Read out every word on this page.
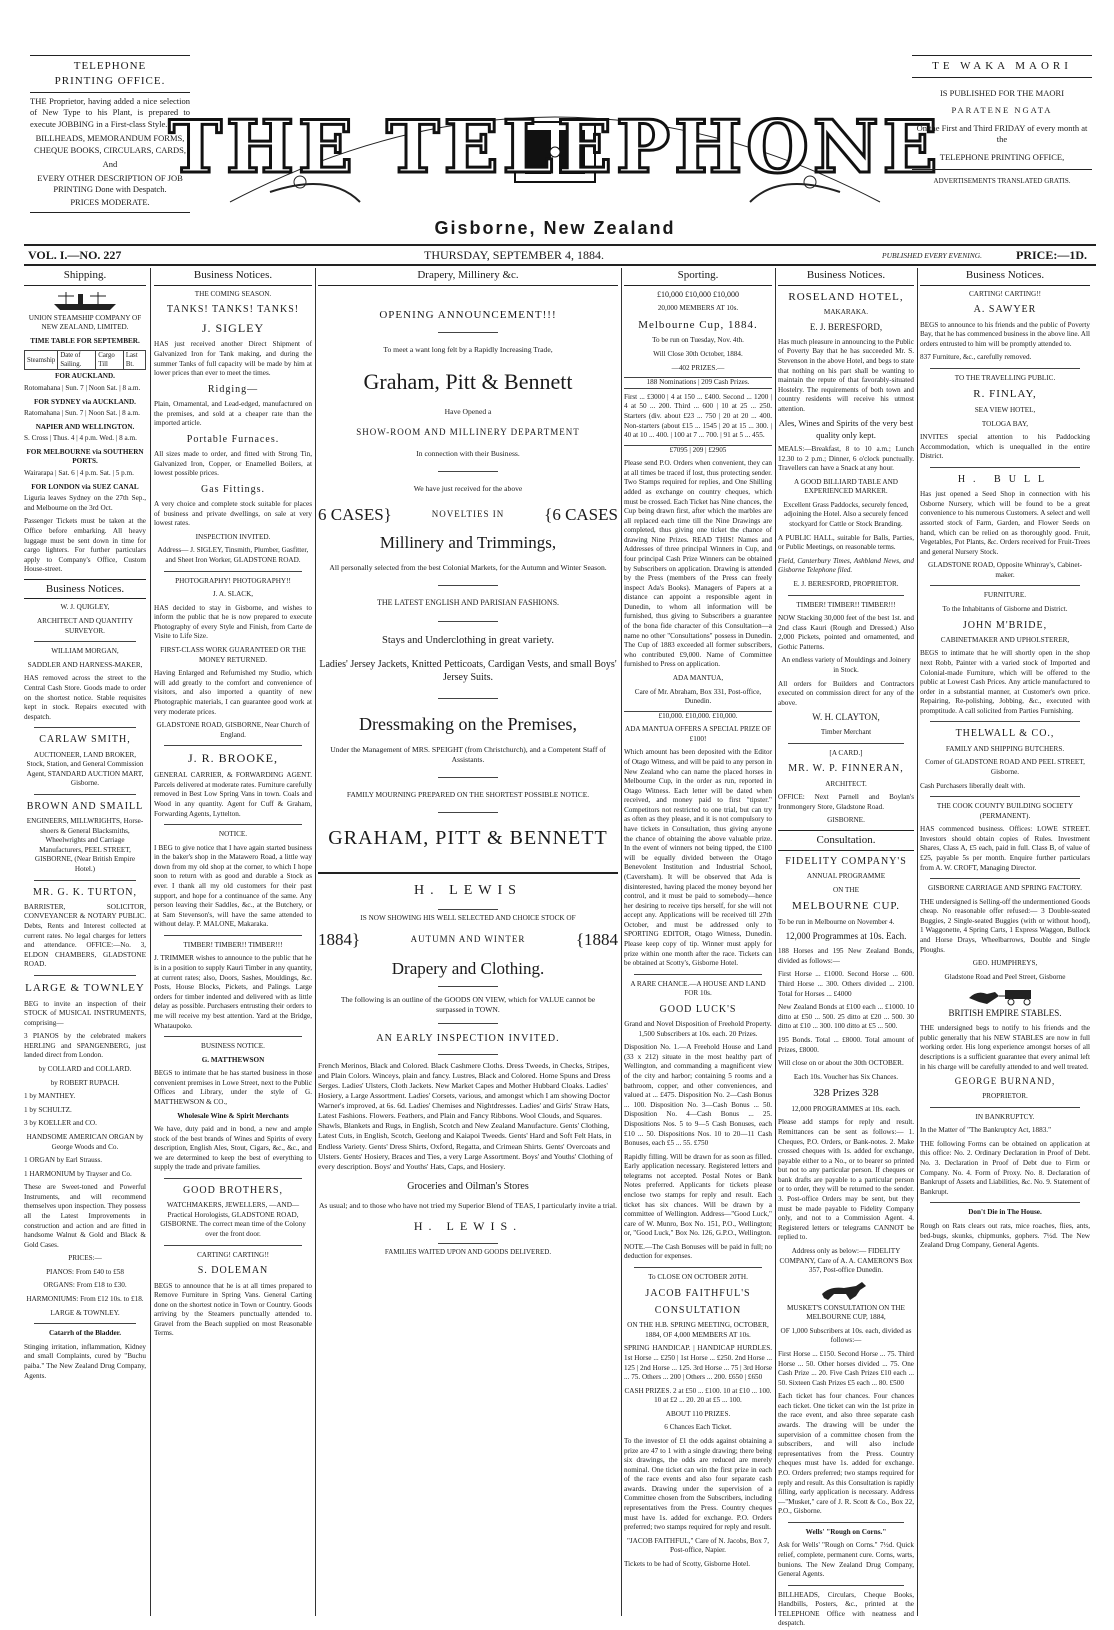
TELEPHONE

PRINTING OFFICE.

THE Proprietor, having added a nice selection of New Type to his Plant, is prepared to execute JOBBING in a First-class Style.

BILLHEADS, MEMORANDUM FORMS, CHEQUE BOOKS, CIRCULARS, CARDS,

And

EVERY OTHER DESCRIPTION OF JOB PRINTING Done with Despatch.

PRICES MODERATE.

THE TELEPHONE
Gisborne, New Zealand

TE WAKA MAORI

IS PUBLISHED FOR THE MAORI

PARATENE NGATA

On the First and Third FRIDAY of every month at the

TELEPHONE PRINTING OFFICE,

ADVERTISEMENTS TRANSLATED GRATIS.

VOL. I.—NO. 227	THURSDAY, SEPTEMBER 4, 1884.	PUBLISHED EVERY EVENING.	PRICE:—1D.
Shipping.

UNION STEAMSHIP COMPANY OF NEW ZEALAND, LIMITED.

TIME TABLE FOR SEPTEMBER.

Steamship	Date of Sailing.	Cargo Till	Last Bt.

FOR AUCKLAND.

Rotomahana | Sun. 7 | Noon Sat. | 8 a.m.

FOR SYDNEY via AUCKLAND.

Ratomahana | Sun. 7 | Noon Sat. | 8 a.m.

NAPIER AND WELLINGTON.

S. Cross | Thus. 4 | 4 p.m. Wed. | 8 a.m.

FOR MELBOURNE via SOUTHERN PORTS.

Wairarapa | Sat. 6 | 4 p.m. Sat. | 5 p.m.

FOR LONDON via SUEZ CANAL

Liguria leaves Sydney on the 27th Sep., and Melbourne on the 3rd Oct.

Passenger Tickets must be taken at the Office before embarking. All heavy luggage must be sent down in time for cargo lighters. For further particulars apply to Company's Office, Custom House-street.

Business Notices.

W. J. QUIGLEY,

ARCHITECT AND QUANTITY SURVEYOR.

WILLIAM MORGAN,

SADDLER AND HARNESS-MAKER,

HAS removed across the street to the Central Cash Store. Goods made to order on the shortest notice. Stable requisites kept in stock. Repairs executed with despatch.

CARLAW SMITH,

AUCTIONEER, LAND BROKER, Stock, Station, and General Commission Agent, STANDARD AUCTION MART, Gisborne.

BROWN AND SMAILL

ENGINEERS, MILLWRIGHTS, Horse-shoers & General Blacksmiths, Wheelwrights and Carriage Manufacturers, PEEL STREET, GISBORNE, (Near British Empire Hotel.)

MR. G. K. TURTON,

BARRISTER, SOLICITOR, CONVEYANCER & NOTARY PUBLIC. Debts, Rents and Interest collected at current rates. No legal charges for letters and attendance. OFFICE:—No. 3, ELDON CHAMBERS, GLADSTONE ROAD.

LARGE & TOWNLEY

BEG to invite an inspection of their STOCK of MUSICAL INSTRUMENTS, comprising—

3 PIANOS by the celebrated makers HERLING and SPANGENBERG, just landed direct from London.

by COLLARD and COLLARD.

by ROBERT RUPACH.

1 by MANTHEY.

1 by SCHULTZ.

3 by KOELLER and CO.

HANDSOME AMERICAN ORGAN by George Woods and Co.

1 ORGAN by Earl Strauss.

1 HARMONIUM by Trayser and Co.

These are Sweet-toned and Powerful Instruments, and will recommend themselves upon inspection. They possess all the Latest Improvements in construction and action and are fitted in handsome Walnut & Gold and Black & Gold Cases.

PRICES:—

PIANOS: From £40 to £58

ORGANS: From £18 to £30.

HARMONIUMS: From £12 10s. to £18.

LARGE & TOWNLEY.

Catarrh of the Bladder.

Stinging irritation, inflammation, Kidney and small Complaints, cured by "Buchu paiba." The New Zealand Drug Company, Agents.

Business Notices.

THE COMING SEASON.

TANKS! TANKS! TANKS!

J. SIGLEY

HAS just received another Direct Shipment of Galvanized Iron for Tank making, and during the summer Tanks of full capacity will be made by him at lower prices than ever to meet the times.

Ridging—

Plain, Ornamental, and Lead-edged, manufactured on the premises, and sold at a cheaper rate than the imported article.

Portable Furnaces.

All sizes made to order, and fitted with Strong Tin, Galvanized Iron, Copper, or Enamelled Boilers, at lowest possible prices.

Gas Fittings.

A very choice and complete stock suitable for places of business and private dwellings, on sale at very lowest rates.

INSPECTION INVITED.

Address— J. SIGLEY, Tinsmith, Plumber, Gasfitter, and Sheet Iron Worker, GLADSTONE ROAD.

PHOTOGRAPHY! PHOTOGRAPHY!!

J. A. SLACK,

HAS decided to stay in Gisborne, and wishes to inform the public that he is now prepared to execute Photography of every Style and Finish, from Carte de Visite to Life Size.

FIRST-CLASS WORK GUARANTEED OR THE MONEY RETURNED.

Having Enlarged and Refurnished my Studio, which will add greatly to the comfort and convenience of visitors, and also imported a quantity of new Photographic materials, I can guarantee good work at very moderate prices.

GLADSTONE ROAD, GISBORNE, Near Church of England.

J. R. BROOKE,

GENERAL CARRIER, & FORWARDING AGENT. Parcels delivered at moderate rates. Furniture carefully removed in Best Low Spring Vans in town. Coals and Wood in any quantity. Agent for Cuff & Graham, Forwarding Agents, Lyttelton.

NOTICE.

I BEG to give notice that I have again started business in the baker's shop in the Matawero Road, a little way down from my old shop at the corner, to which I hope soon to return with as good and durable a Stock as ever. I thank all my old customers for their past support, and hope for a continuance of the same. Any person leaving their Saddles, &c., at the Butchery, or at Sam Stevenson's, will have the same attended to without delay. P. MALONE, Makaraka.

TIMBER! TIMBER!! TIMBER!!!

J. TRIMMER wishes to announce to the public that he is in a position to supply Kauri Timber in any quantity, at current rates; also, Doors, Sashes, Mouldings, &c. Posts, House Blocks, Pickets, and Palings. Large orders for timber indented and delivered with as little delay as possible. Purchasers entrusting their orders to me will receive my best attention. Yard at the Bridge, Whataupoko.

BUSINESS NOTICE.

G. MATTHEWSON

BEGS to intimate that he has started business in those convenient premises in Lowe Street, next to the Public Offices and Library, under the style of G. MATTHEWSON & CO.,

Wholesale Wine & Spirit Merchants

We have, duty paid and in bond, a new and ample stock of the best brands of Wines and Spirits of every description, English Ales, Stout, Cigars, &c., &c., and we are determined to keep the best of everything to supply the trade and private families.

GOOD BROTHERS,

WATCHMAKERS, JEWELLERS, —AND— Practical Horologists, GLADSTONE ROAD, GISBORNE. The correct mean time of the Colony over the front door.

CARTING! CARTING!!

S. DOLEMAN

BEGS to announce that he is at all times prepared to Remove Furniture in Spring Vans. General Carting done on the shortest notice in Town or Country. Goods arriving by the Steamers punctually attended to. Gravel from the Beach supplied on most Reasonable Terms.

Drapery, Millinery &c.

OPENING ANNOUNCEMENT!!!

To meet a want long felt by a Rapidly Increasing Trade,

Graham, Pitt & Bennett

Have Opened a

SHOW-ROOM AND MILLINERY DEPARTMENT

In connection with their Business.

We have just received for the above

6 CASES}	NOVELTIES IN {6 CASES

Millinery and Trimmings,

All personally selected from the best Colonial Markets, for the Autumn and Winter Season.

THE LATEST ENGLISH AND PARISIAN FASHIONS.

Stays and Underclothing in great variety.

Ladies' Jersey Jackets, Knitted Petticoats, Cardigan Vests, and small Boys' Jersey Suits.

Dressmaking on the Premises,

Under the Management of MRS. SPEIGHT (from Christchurch), and a Competent Staff of Assistants.

FAMILY MOURNING PREPARED ON THE SHORTEST POSSIBLE NOTICE.

GRAHAM, PITT & BENNETT

H. LEWIS

IS NOW SHOWING HIS WELL SELECTED AND CHOICE STOCK OF

1884}	AUTUMN AND WINTER	{1884

Drapery and Clothing.

The following is an outline of the GOODS ON VIEW, which for VALUE cannot be surpassed in TOWN.

AN EARLY INSPECTION INVITED.

French Merinos, Black and Colored. Black Cashmere Cloths. Dress Tweeds, in Checks, Stripes, and Plain Colors. Winceys, plain and fancy. Lustres, Black and Colored. Home Spuns and Dress Serges. Ladies' Ulsters, Cloth Jackets. New Market Capes and Mother Hubbard Cloaks. Ladies' Hosiery, a Large Assortment. Ladies' Corsets, various, and amongst which I am showing Doctor Warner's improved, at 6s. 6d. Ladies' Chemises and Nightdresses. Ladies' and Girls' Straw Hats, Latest Fashions. Flowers. Feathers, and Plain and Fancy Ribbons. Wool Clouds, and Squares. Shawls, Blankets and Rugs, in English, Scotch and New Zealand Manufacture. Gents' Clothing, Latest Cuts, in English, Scotch, Geelong and Kaiapoi Tweeds. Gents' Hard and Soft Felt Hats, in Endless Variety. Gents' Dress Shirts, Oxford, Regatta, and Crimean Shirts. Gents' Overcoats and Ulsters. Gents' Hosiery, Braces and Ties, a very Large Assortment. Boys' and Youths' Clothing of every description. Boys' and Youths' Hats, Caps, and Hosiery.

Groceries and Oilman's Stores

As usual; and to those who have not tried my Superior Blend of TEAS, I particularly invite a trial.

H. LEWIS.

FAMILIES WAITED UPON AND GOODS DELIVERED.

Sporting.

£10,000 £10,000 £10,000

20,000 MEMBERS AT 10s.

Melbourne Cup, 1884.

To be run on Tuesday, Nov. 4th.

Will Close 30th October, 1884.

—402 PRIZES.—

188 Nominations | 209 Cash Prizes.

First ... £3000 | 4 at 150 ... £400. Second ... 1200 | 4 at 50 ... 200. Third ... 600 | 10 at 25 ... 250. Starters (div. about £23 ... 750 | 20 at 20 ... 400. Non-starters (about £15 ... 1545 | 20 at 15 ... 300. | 40 at 10 ... 400. | 100 at 7 ... 700. | 91 at 5 ... 455.

£7095 | 209 | £2905

Please send P.O. Orders when convenient, they can at all times be traced if lost, thus protecting sender. Two Stamps required for replies, and One Shilling added as exchange on country cheques, which must be crossed. Each Ticket has Nine chances, the Cup being drawn first, after which the marbles are all replaced each time till the Nine Drawings are completed, thus giving one ticket the chance of drawing Nine Prizes. READ THIS! Names and Addresses of three principal Winners in Cup, and four principal Cash Prize Winners can be obtained by Subscribers on application. Drawing is attended by the Press (members of the Press can freely inspect Ada's Books). Managers of Papers at a distance can appoint a responsible agent in Dunedin, to whom all information will be furnished, thus giving to Subscribers a guarantee of the bona fide character of this Consultation—a name no other "Consultations" possess in Dunedin. The Cup of 1883 exceeded all former subscribers, who contributed £9,000. Name of Committee furnished to Press on application.

ADA MANTUA,

Care of Mr. Abraham, Box 331, Post-office, Dunedin.

£10,000. £10,000. £10,000.

ADA MANTUA OFFERS A SPECIAL PRIZE OF £100!

Which amount has been deposited with the Editor of Otago Witness, and will be paid to any person in New Zealand who can name the placed horses in Melbourne Cup, in the order as run, reported in Otago Witness. Each letter will be dated when received, and money paid to first "tipster." Competitors not restricted to one trial, but can try as often as they please, and it is not compulsory to have tickets in Consultation, thus giving anyone the chance of obtaining the above valuable prize. In the event of winners not being tipped, the £100 will be equally divided between the Otago Benevolent Institution and Industrial School, (Caversham). It will be observed that Ada is disinterested, having placed the money beyond her control, and it must be paid to somebody—hence her desiring to receive tips herself, for she will not accept any. Applications will be received till 27th October, and must be addressed only to SPORTING EDITOR, Otago Witness, Dunedin. Please keep copy of tip. Winner must apply for prize within one month after the race. Tickets can be obtained at Scotty's, Gisborne Hotel.

A RARE CHANCE.—A HOUSE AND LAND FOR 10s.

GOOD LUCK'S

Grand and Novel Disposition of Freehold Property. 1,500 Subscribers at 10s. each. 20 Prizes.

Disposition No. 1.—A Freehold House and Land (33 x 212) situate in the most healthy part of Wellington, and commanding a magnificent view of the city and harbor; containing 5 rooms and a bathroom, copper, and other conveniences, and valued at ... £475. Disposition No. 2—Cash Bonus ... 100. Disposition No. 3—Cash Bonus ... 50. Disposition No. 4—Cash Bonus ... 25. Dispositions Nos. 5 to 9—5 Cash Bonuses, each £10 ... 50. Dispositions Nos. 10 to 20—11 Cash Bonuses, each £5 ... 55. £750

Rapidly filling. Will be drawn for as soon as filled. Early application necessary. Registered letters and telegrams not accepted. Postal Notes or Bank Notes preferred. Applicants for tickets please enclose two stamps for reply and result. Each ticket has six chances. Will be drawn by a committee of Wellington. Address—"Good Luck," care of W. Munro, Box No. 151, P.O., Wellington; or, "Good Luck," Box No. 126, G.P.O., Wellington.

NOTE.—The Cash Bonuses will be paid in full; no deduction for expenses.

To CLOSE ON OCTOBER 20TH.

JACOB FAITHFUL'S

CONSULTATION

ON THE H.B. SPRING MEETING, OCTOBER, 1884, OF 4,000 MEMBERS AT 10s.

SPRING HANDICAP. | HANDICAP HURDLES. 1st Horse ... £250 | 1st Horse ... £250. 2nd Horse ... 125 | 2nd Horse ... 125. 3rd Horse ... 75 | 3rd Horse ... 75. Others ... 200 | Others ... 200. £650 | £650

CASH PRIZES. 2 at £50 ... £100. 10 at £10 ... 100. 10 at £2 ... 20. 20 at £5 ... 100.

ABOUT 110 PRIZES.

6 Chances Each Ticket.

To the investor of £1 the odds against obtaining a prize are 47 to 1 with a single drawing; there being six drawings, the odds are reduced are merely nominal. One ticket can win the first prize in each of the race events and also four separate cash awards. Drawing under the supervision of a Committee chosen from the Subscribers, including representatives from the Press. Country cheques must have 1s. added for exchange. P.O. Orders preferred; two stamps required for reply and result.

"JACOB FAITHFUL," Care of N. Jacobs, Box 7, Post-office, Napier.

Tickets to be had of Scotty, Gisborne Hotel.

Business Notices.

ROSELAND HOTEL,

MAKARAKA.

E. J. BERESFORD,

Has much pleasure in announcing to the Public of Poverty Bay that he has succeeded Mr. S. Stevenson in the above Hotel, and begs to state that nothing on his part shall be wanting to maintain the repute of that favorably-situated Hostelry. The requirements of both town and country residents will receive his utmost attention.

Ales, Wines and Spirits of the very best quality only kept.

MEALS:—Breakfast, 8 to 10 a.m.; Lunch 12.30 to 2 p.m.; Dinner, 6 o'clock punctually. Travellers can have a Snack at any hour.

A GOOD BILLIARD TABLE AND EXPERIENCED MARKER.

Excellent Grass Paddocks, securely fenced, adjoining the Hotel. Also a securely fenced stockyard for Cattle or Stock Branding.

A PUBLIC HALL, suitable for Balls, Parties, or Public Meetings, on reasonable terms.

Field, Canterbury Times, Ashbland News, and Gisborne Telephone filed.

E. J. BERESFORD, PROPRIETOR.

TIMBER! TIMBER!! TIMBER!!!

NOW Stacking 30,000 feet of the best 1st. and 2nd class Kauri (Rough and Dressed.) Also 2,000 Pickets, pointed and ornamented, and Gothic Patterns.

An endless variety of Mouldings and Joinery in Stock.

All orders for Builders and Contractors executed on commission direct for any of the above.

W. H. CLAYTON,

Timber Merchant

[A CARD.]

MR. W. P. FINNERAN,

ARCHITECT.

OFFICE: Next Parnell and Boylan's Ironmongery Store, Gladstone Road.

GISBORNE.

Consultation.

FIDELITY COMPANY'S

ANNUAL PROGRAMME

ON THE

MELBOURNE CUP.

To be run in Melbourne on November 4.

12,000 Programmes at 10s. Each.

188 Horses and 195 New Zealand Bonds, divided as follows:—

First Horse ... £1000. Second Horse ... 600. Third Horse ... 300. Others divided ... 2100. Total for Horses ... £4000

New Zealand Bonds at £100 each ... £1000. 10 ditto at £50 ... 500. 25 ditto at £20 ... 500. 30 ditto at £10 ... 300. 100 ditto at £5 ... 500.

195 Bonds. Total ... £8000. Total amount of Prizes, £8000.

Will close on or about the 30th OCTOBER.

Each 10s. Voucher has Six Chances.

328 Prizes 328

12,000 PROGRAMMES at 10s. each.

Please add stamps for reply and result. Remittances can be sent as follows:— 1. Cheques, P.O. Orders, or Bank-notes. 2. Make crossed cheques with 1s. added for exchange, payable either to a No., or to bearer so printed but not to any particular person. If cheques or bank drafts are payable to a particular person or to order, they will be returned to the sender. 3. Post-office Orders may be sent, but they must be made payable to Fidelity Company only, and not to a Commission Agent. 4. Registered letters or telegrams CANNOT be replied to.

Address only as below:— FIDELITY COMPANY, Care of A. A. CAMERON'S Box 357, Post-office Dunedin.

MUSKET'S CONSULTATION ON THE MELBOURNE CUP, 1884,

OF 1,000 Subscribers at 10s. each, divided as follows:—

First Horse ... £150. Second Horse ... 75. Third Horse ... 50. Other horses divided ... 75. One Cash Prize ... 20. Five Cash Prizes £10 each ... 50. Sixteen Cash Prizes £5 each ... 80. £500

Each ticket has four chances. Four chances each ticket. One ticket can win the 1st prize in the race event, and also three separate cash awards. The drawing will be under the supervision of a committee chosen from the subscribers, and will also include representatives from the Press. Country cheques must have 1s. added for exchange. P.O. Orders preferred; two stamps required for reply and result. As this Consultation is rapidly filling, early application is necessary. Address—"Musket," care of J. R. Scott & Co., Box 22, P.O., Gisborne.

Wells' "Rough on Corns."

Ask for Wells' "Rough on Corns." 7½d. Quick relief, complete, permanent cure. Corns, warts, bunions. The New Zealand Drug Company, General Agents.

BILLHEADS, Circulars, Cheque Books, Handbills, Posters, &c., printed at the TELEPHONE Office with neatness and despatch.

Business Notices.

CARTING! CARTING!!

A. SAWYER

BEGS to announce to his friends and the public of Poverty Bay, that he has commenced business in the above line. All orders entrusted to him will be promptly attended to.

837 Furniture, &c., carefully removed.

TO THE TRAVELLING PUBLIC.

R. FINLAY,

SEA VIEW HOTEL,

TOLOGA BAY,

INVITES special attention to his Paddocking Accommodation, which is unequalled in the entire District.

H. BULL

Has just opened a Seed Shop in connection with his Osborne Nursery, which will be found to be a great convenience to his numerous Customers. A select and well assorted stock of Farm, Garden, and Flower Seeds on hand, which can be relied on as thoroughly good. Fruit, Vegetables, Pot Plants, &c. Orders received for Fruit-Trees and general Nursery Stock.

GLADSTONE ROAD, Opposite Whinray's, Cabinet-maker.

FURNITURE.

To the Inhabitants of Gisborne and District.

JOHN M'BRIDE,

CABINETMAKER AND UPHOLSTERER,

BEGS to intimate that he will shortly open in the shop next Robb, Painter with a varied stock of Imported and Colonial-made Furniture, which will be offered to the public at Lowest Cash Prices. Any article manufactured to order in a substantial manner, at Customer's own price. Repairing, Re-polishing, Jobbing, &c., executed with promptitude. A call solicited from Parties Furnishing.

THELWALL & CO.,

FAMILY AND SHIPPING BUTCHERS.

Corner of GLADSTONE ROAD AND PEEL STREET, Gisborne.

Cash Purchasers liberally dealt with.

THE COOK COUNTY BUILDING SOCIETY (PERMANENT).

HAS commenced business. Offices: LOWE STREET. Investors should obtain copies of Rules. Investment Shares, Class A, £5 each, paid in full. Class B, of value of £25, payable 5s per month. Enquire further particulars from A. W. CROFT, Managing Director.

GISBORNE CARRIAGE AND SPRING FACTORY.

THE undersigned is Selling-off the undermentioned Goods cheap. No reasonable offer refused:— 3 Double-seated Buggies, 2 Single-seated Buggies (with or without hood), 1 Waggonette, 4 Spring Carts, 1 Express Waggon, Bullock and Horse Drays, Wheelbarrows, Double and Single Ploughs.

GEO. HUMPHREYS,

Gladstone Road and Peel Street, Gisborne

BRITISH EMPIRE STABLES.

THE undersigned begs to notify to his friends and the public generally that his NEW STABLES are now in full working order. His long experience amongst horses of all descriptions is a sufficient guarantee that every animal left in his charge will be carefully attended to and well treated.

GEORGE BURNAND,

PROPRIETOR.

IN BANKRUPTCY.

In the Matter of "The Bankruptcy Act, 1883."

THE following Forms can be obtained on application at this office: No. 2. Ordinary Declaration in Proof of Debt. No. 3. Declaration in Proof of Debt due to Firm or Company. No. 4. Form of Proxy. No. 8. Declaration of Bankrupt of Assets and Liabilities, &c. No. 9. Statement of Bankrupt.

Don't Die in The House.

Rough on Rats clears out rats, mice roaches, flies, ants, bed-bugs, skunks, chipmunks, gophers. 7½d. The New Zealand Drug Company, General Agents.
